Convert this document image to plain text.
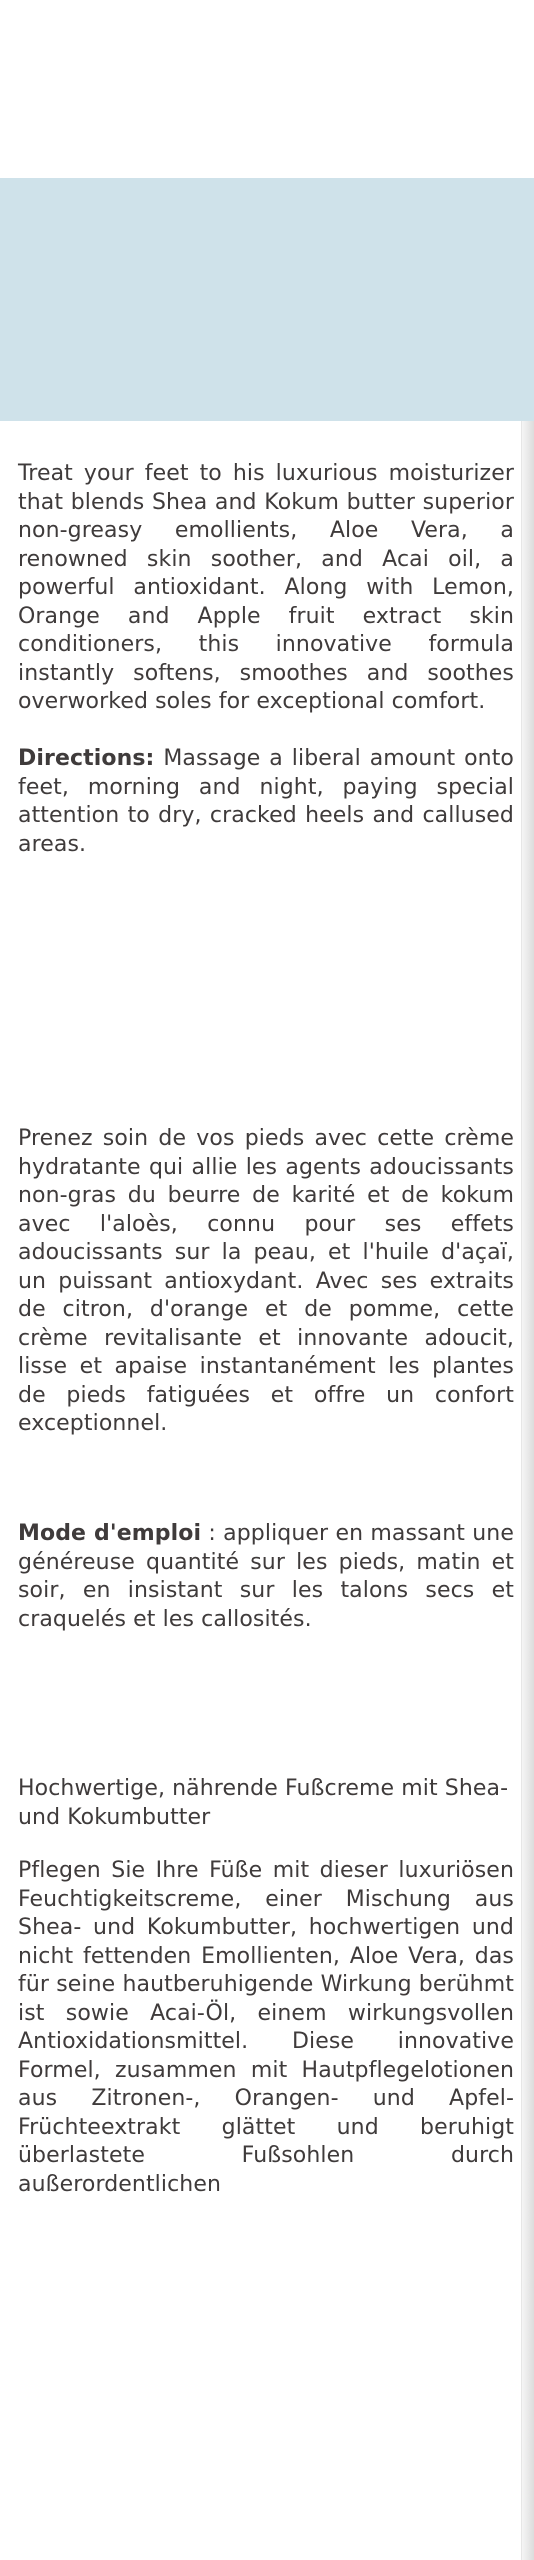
Treat your feet to his luxurious moisturizer that blends Shea and Kokum butter superior non-greasy emollients, Aloe Vera, a renowned skin soother, and Acai oil, a powerful antioxidant. Along with Lemon, Orange and Apple fruit extract skin conditioners, this innovative formula instantly softens, smoothes and soothes overworked soles for exceptional comfort.

Directions: Massage a liberal amount onto feet, morning and night, paying special attention to dry, cracked heels and callused areas.

Prenez soin de vos pieds avec cette crème hydratante qui allie les agents adoucissants non-gras du beurre de karité et de kokum avec l'aloès, connu pour ses effets adoucissants sur la peau, et l'huile d'açaï, un puissant antioxydant. Avec ses extraits de citron, d'orange et de pomme, cette crème revitalisante et innovante adoucit, lisse et apaise instantanément les plantes de pieds fatiguées et offre un confort exceptionnel.

Mode d'emploi : appliquer en massant une généreuse quantité sur les pieds, matin et soir, en insistant sur les talons secs et craquelés et les callosités.

Hochwertige, nährende Fußcreme mit Shea- und Kokumbutter

Pflegen Sie Ihre Füße mit dieser luxuriösen Feuchtigkeitscreme, einer Mischung aus Shea- und Kokumbutter, hochwertigen und nicht fettenden Emollienten, Aloe Vera, das für seine hautberuhigende Wirkung berühmt ist sowie Acai-Öl, einem wirkungsvollen Antioxidationsmittel. Diese innovative Formel, zusammen mit Hautpflegelotionen aus Zitronen-, Orangen- und Apfel-Früchteextrakt glättet und beruhigt überlastete Fußsohlen durch außerordentlichen
